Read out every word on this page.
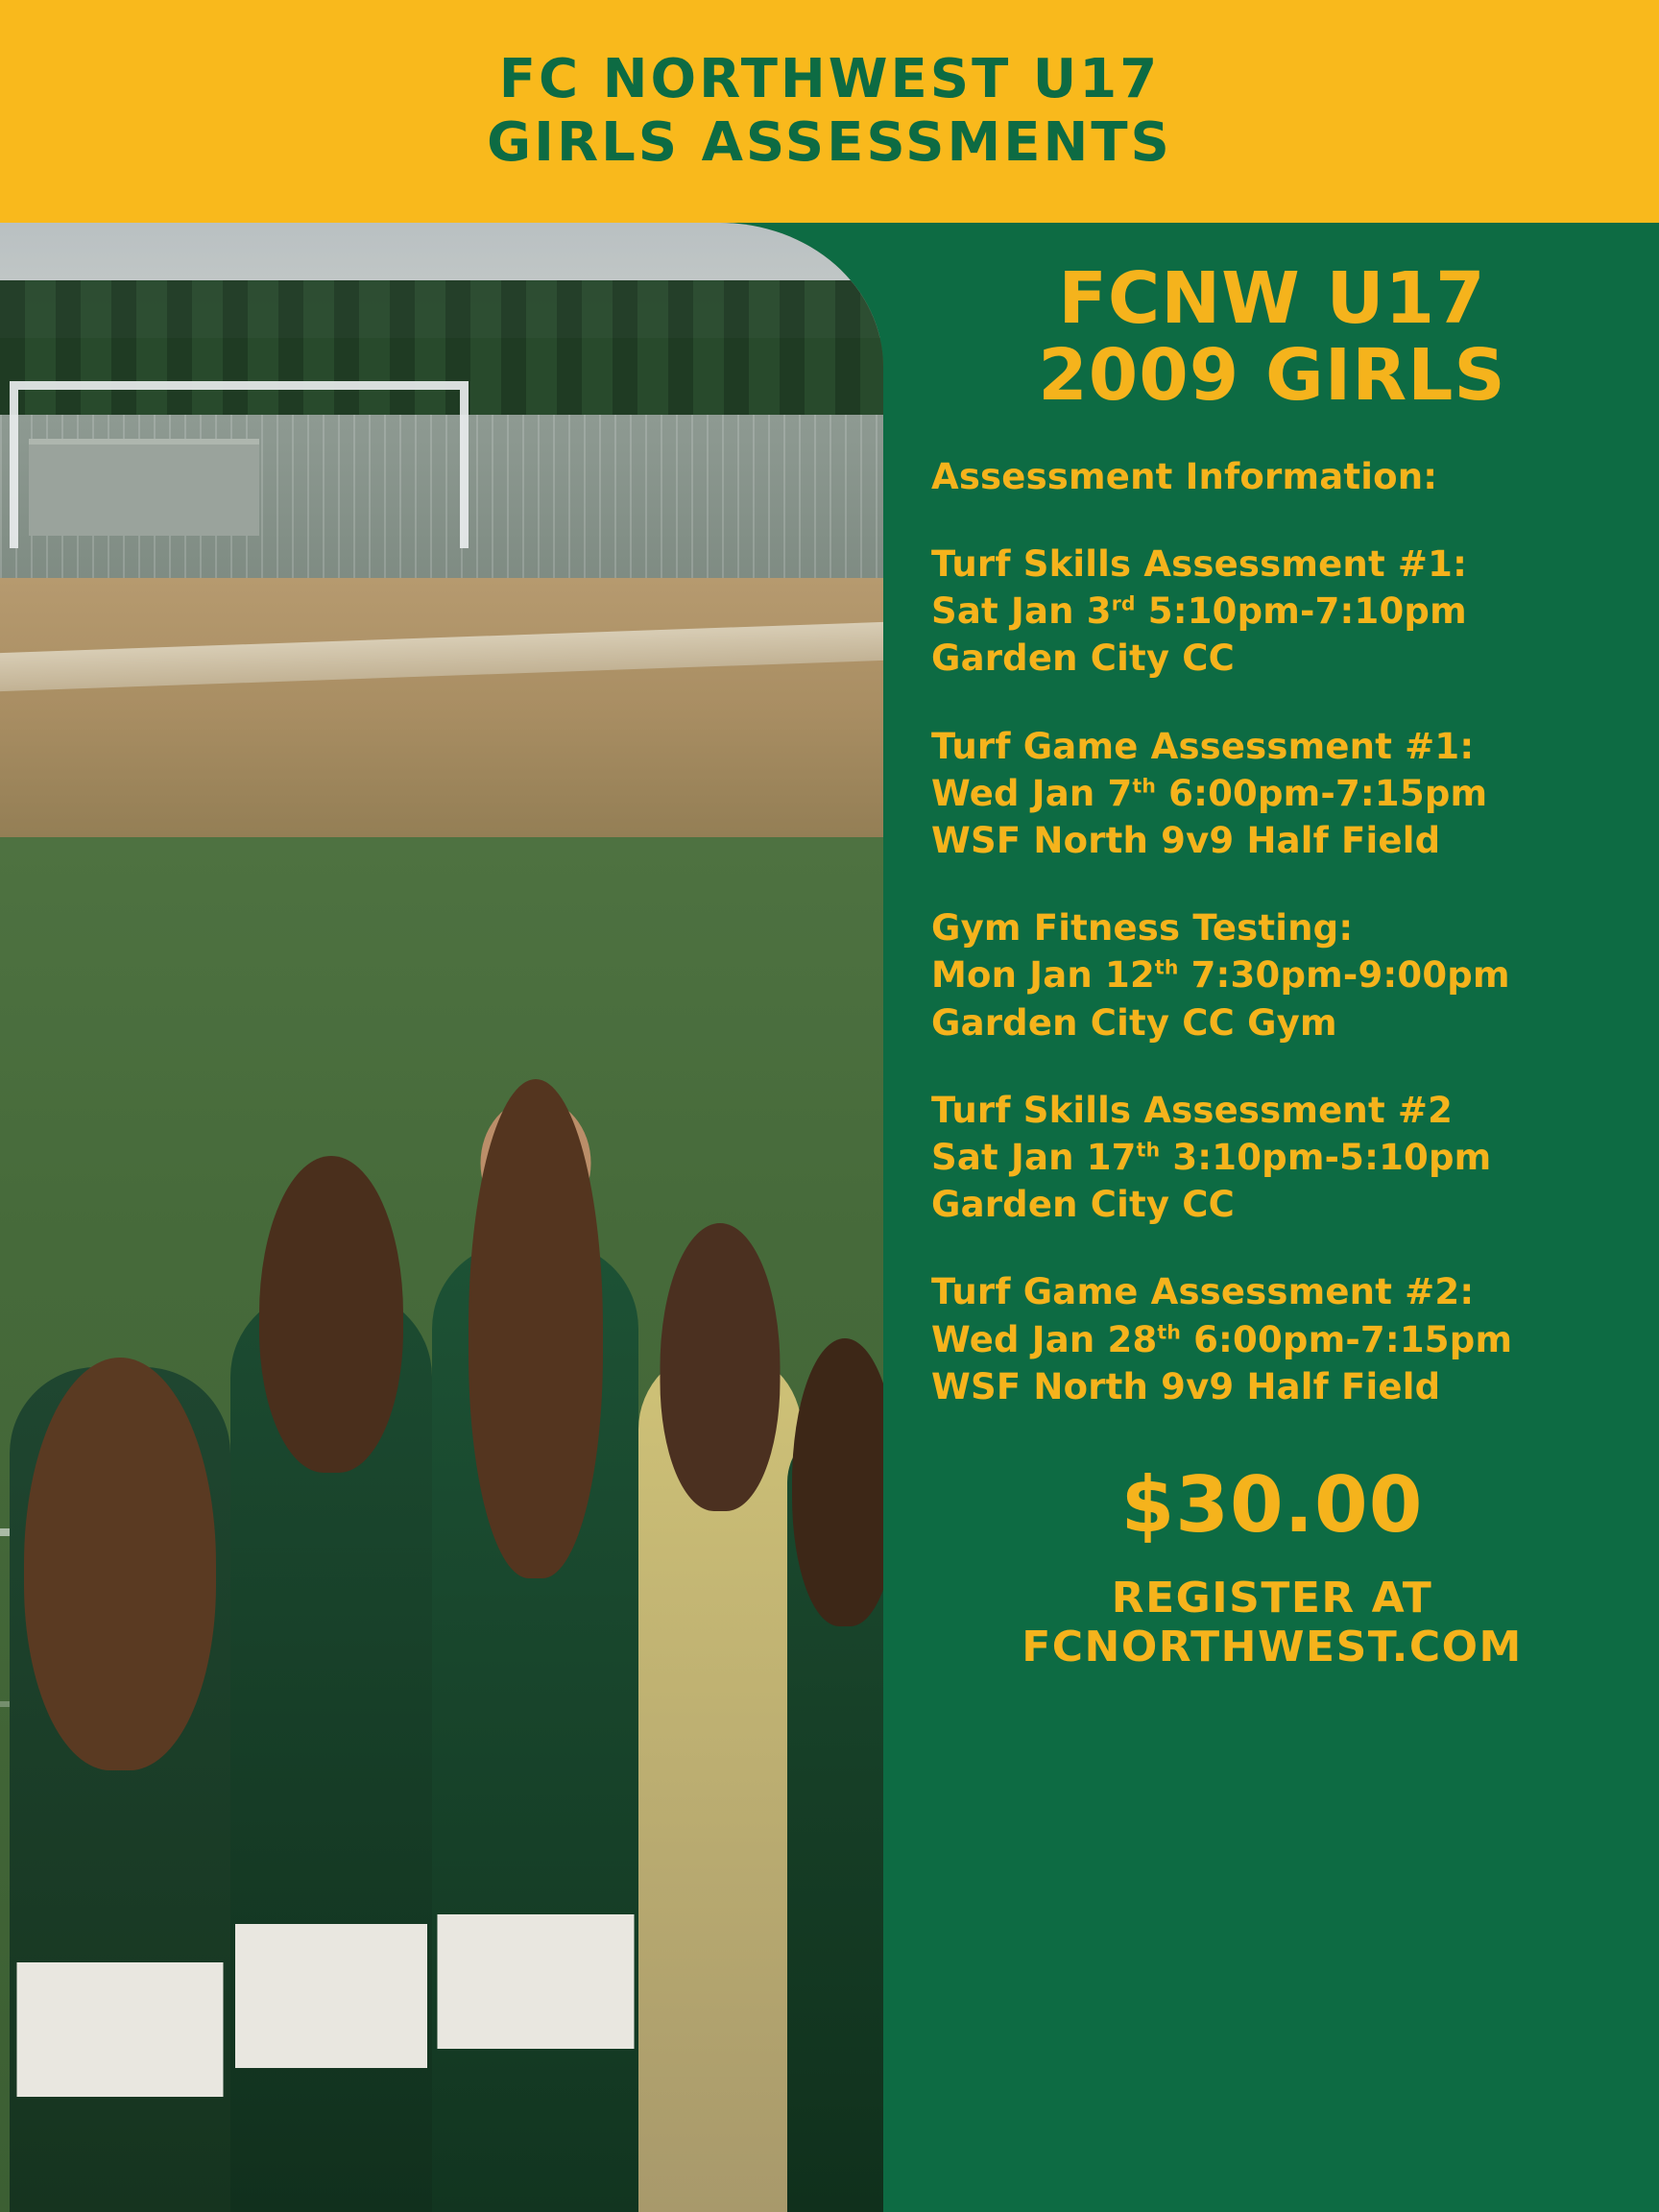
FC NORTHWEST U17
GIRLS ASSESSMENTS
FCNW U17
2009 GIRLS
Assessment Information:
Turf Skills Assessment #1:
Sat Jan 3rd 5:10pm-7:10pm
Garden City CC
Turf Game Assessment #1:
Wed Jan 7th 6:00pm-7:15pm
WSF North 9v9 Half Field
Gym Fitness Testing:
Mon Jan 12th 7:30pm-9:00pm
Garden City CC Gym
Turf Skills Assessment #2
Sat Jan 17th 3:10pm-5:10pm
Garden City CC
Turf Game Assessment #2:
Wed Jan 28th 6:00pm-7:15pm
WSF North 9v9 Half Field
$30.00
REGISTER AT
FCNORTHWEST.COM
